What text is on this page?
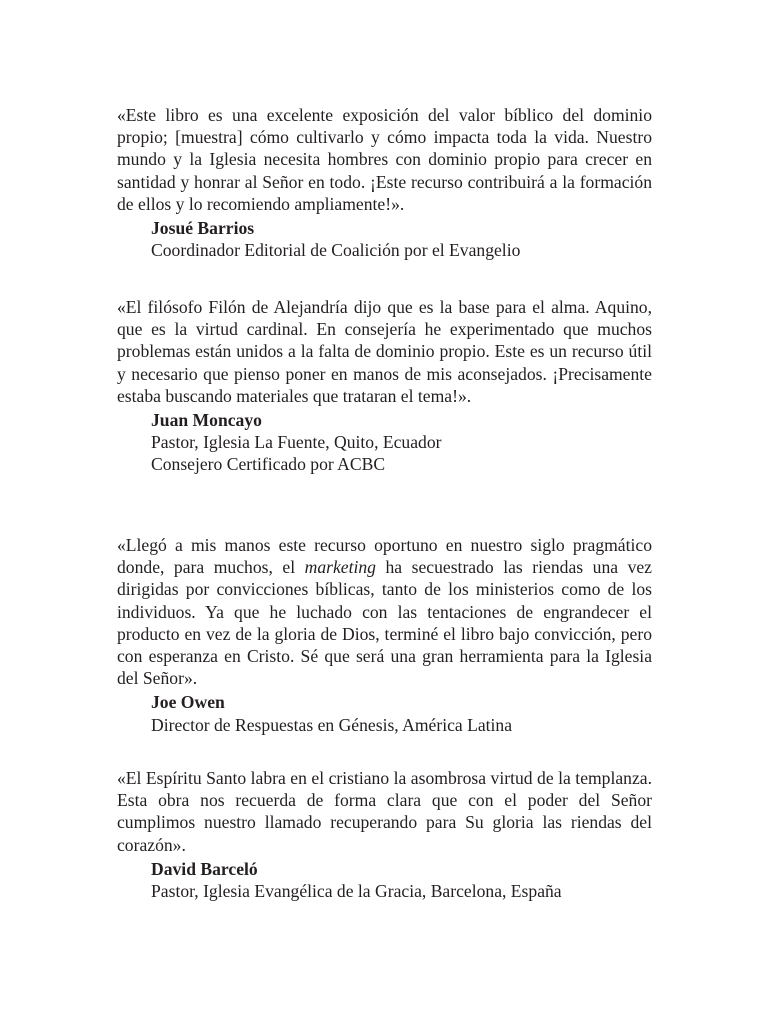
«Este libro es una excelente exposición del valor bíblico del dominio propio; [muestra] cómo cultivarlo y cómo impacta toda la vida. Nuestro mundo y la Iglesia necesita hombres con dominio propio para crecer en santidad y honrar al Señor en todo. ¡Este recurso contribuirá a la formación de ellos y lo recomiendo ampliamente!».

Josué Barrios
Coordinador Editorial de Coalición por el Evangelio

«El filósofo Filón de Alejandría dijo que es la base para el alma. Aquino, que es la virtud cardinal. En consejería he experimentado que muchos problemas están unidos a la falta de dominio propio. Este es un recurso útil y necesario que pienso poner en manos de mis aconsejados. ¡Precisamente estaba buscando materiales que trataran el tema!».

Juan Moncayo
Pastor, Iglesia La Fuente, Quito, Ecuador
Consejero Certificado por ACBC

«Llegó a mis manos este recurso oportuno en nuestro siglo pragmático donde, para muchos, el marketing ha secuestrado las riendas una vez dirigidas por convicciones bíblicas, tanto de los ministerios como de los individuos. Ya que he luchado con las tentaciones de engrandecer el producto en vez de la gloria de Dios, terminé el libro bajo convicción, pero con esperanza en Cristo. Sé que será una gran herramienta para la Iglesia del Señor».

Joe Owen
Director de Respuestas en Génesis, América Latina

«El Espíritu Santo labra en el cristiano la asombrosa virtud de la templanza. Esta obra nos recuerda de forma clara que con el poder del Señor cumplimos nuestro llamado recuperando para Su gloria las riendas del corazón».

David Barceló
Pastor, Iglesia Evangélica de la Gracia, Barcelona, España
